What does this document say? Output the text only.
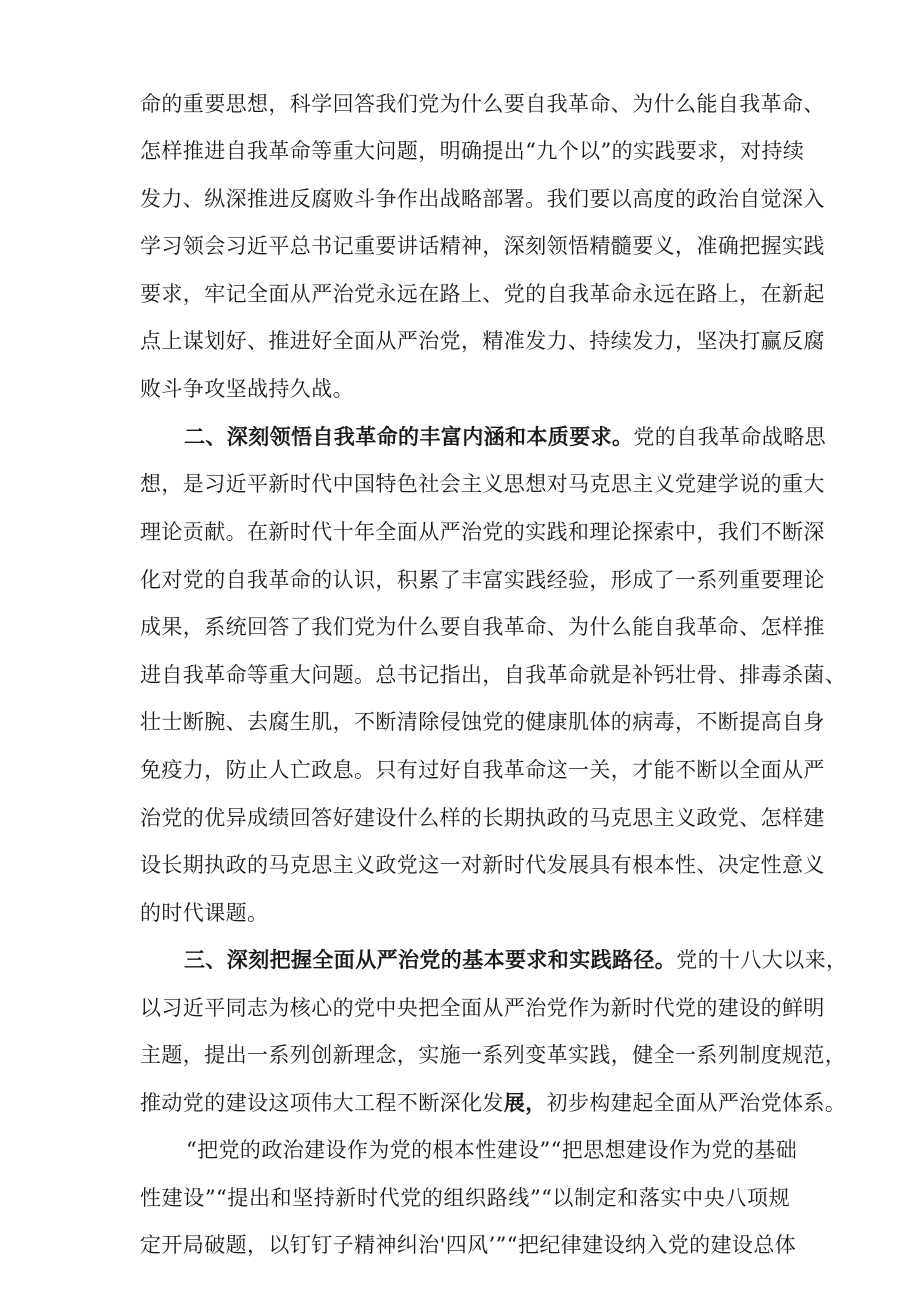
命的重要思想，科学回答我们党为什么要自我革命、为什么能自我革命、
怎样推进自我革命等重大问题，明确提出“九个以”的实践要求，对持续
发力、纵深推进反腐败斗争作出战略部署。我们要以高度的政治自觉深入
学习领会习近平总书记重要讲话精神，深刻领悟精髓要义，准确把握实践
要求，牢记全面从严治党永远在路上、党的自我革命永远在路上，在新起
点上谋划好、推进好全面从严治党，精准发力、持续发力，坚决打赢反腐
败斗争攻坚战持久战。
二、深刻领悟自我革命的丰富内涵和本质要求。党的自我革命战略思
想，是习近平新时代中国特色社会主义思想对马克思主义党建学说的重大
理论贡献。在新时代十年全面从严治党的实践和理论探索中，我们不断深
化对党的自我革命的认识，积累了丰富实践经验，形成了一系列重要理论
成果，系统回答了我们党为什么要自我革命、为什么能自我革命、怎样推
进自我革命等重大问题。总书记指出，自我革命就是补钙壮骨、排毒杀菌、
壮士断腕、去腐生肌，不断清除侵蚀党的健康肌体的病毒，不断提高自身
免疫力，防止人亡政息。只有过好自我革命这一关，才能不断以全面从严
治党的优异成绩回答好建设什么样的长期执政的马克思主义政党、怎样建
设长期执政的马克思主义政党这一对新时代发展具有根本性、决定性意义
的时代课题。
三、深刻把握全面从严治党的基本要求和实践路径。党的十八大以来，
以习近平同志为核心的党中央把全面从严治党作为新时代党的建设的鲜明
主题，提出一系列创新理念，实施一系列变革实践，健全一系列制度规范，
推动党的建设这项伟大工程不断深化发展，初步构建起全面从严治党体系。
“把党的政治建设作为党的根本性建设”“把思想建设作为党的基础
性建设”“提出和坚持新时代党的组织路线”“以制定和落实中央八项规
定开局破题，以钉钉子精神纠治'四风’”“把纪律建设纳入党的建设总体
